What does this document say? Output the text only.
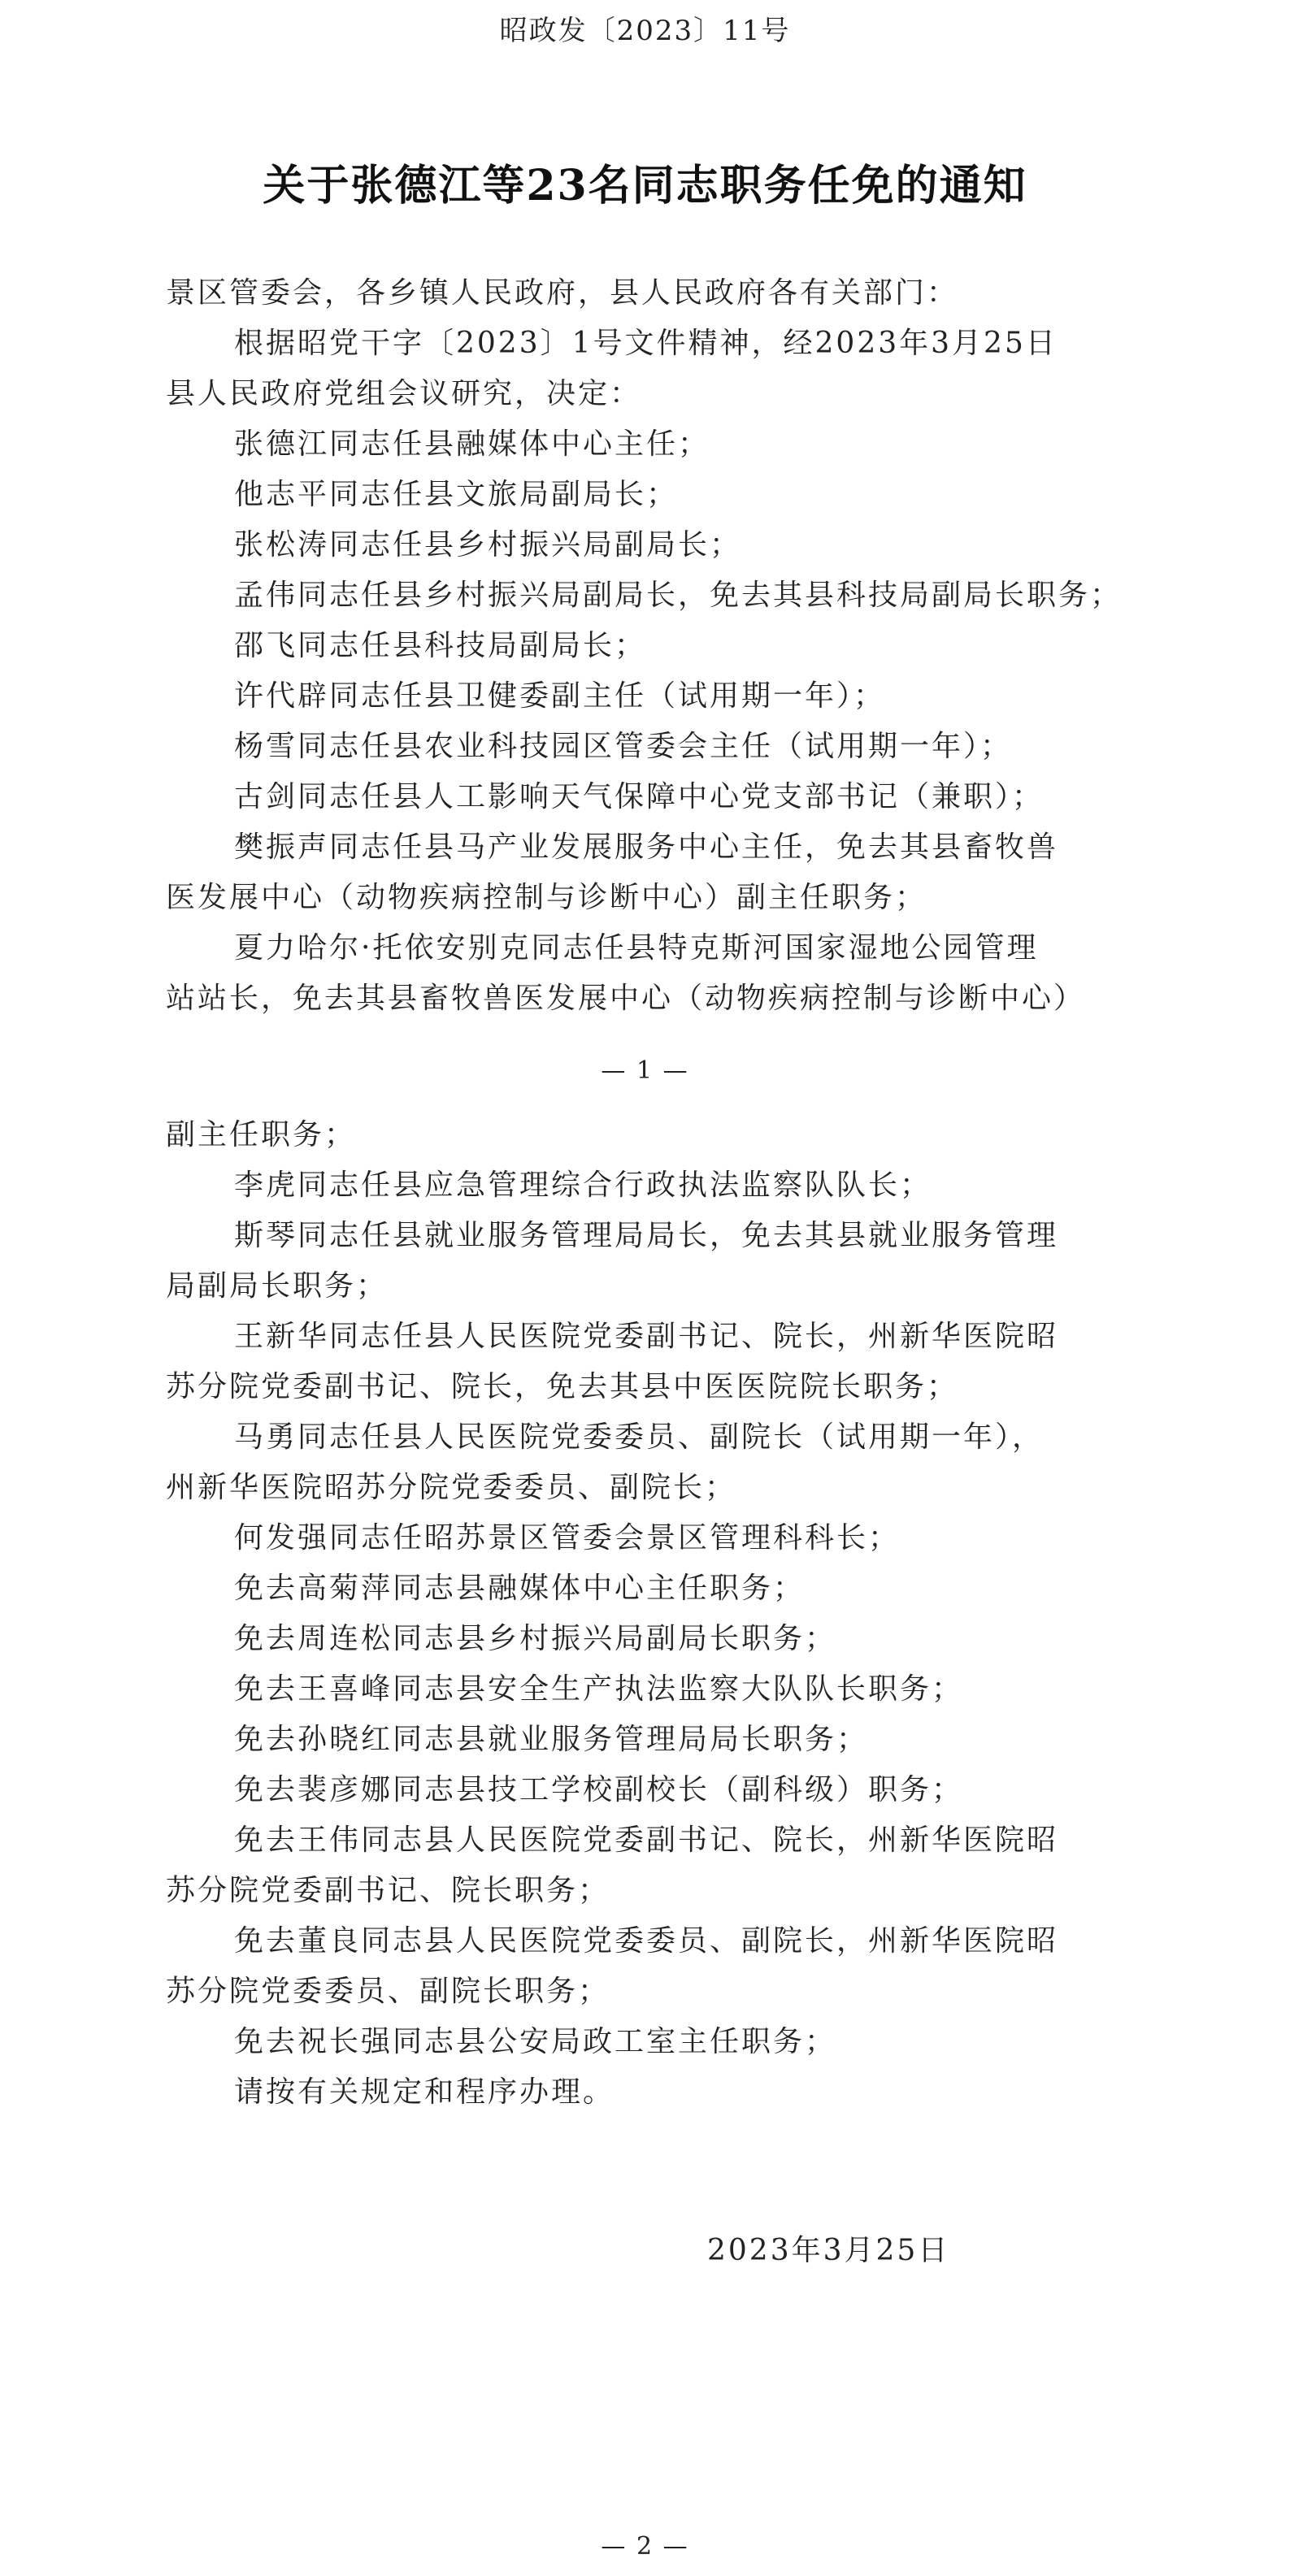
昭政发〔2023〕11号
关于张德江等23名同志职务任免的通知

景区管委会，各乡镇人民政府，县人民政府各有关部门：

根据昭党干字〔2023〕1号文件精神，经2023年3月25日

县人民政府党组会议研究，决定：

张德江同志任县融媒体中心主任；

他志平同志任县文旅局副局长；

张松涛同志任县乡村振兴局副局长；

孟伟同志任县乡村振兴局副局长，免去其县科技局副局长职务；

邵飞同志任县科技局副局长；

许代辟同志任县卫健委副主任（试用期一年）；

杨雪同志任县农业科技园区管委会主任（试用期一年）；

古剑同志任县人工影响天气保障中心党支部书记（兼职）；

樊振声同志任县马产业发展服务中心主任，免去其县畜牧兽

医发展中心（动物疾病控制与诊断中心）副主任职务；

夏力哈尔·托依安别克同志任县特克斯河国家湿地公园管理

站站长，免去其县畜牧兽医发展中心（动物疾病控制与诊断中心）

— 1 —

副主任职务；

李虎同志任县应急管理综合行政执法监察队队长；

斯琴同志任县就业服务管理局局长，免去其县就业服务管理

局副局长职务；

王新华同志任县人民医院党委副书记、院长，州新华医院昭

苏分院党委副书记、院长，免去其县中医医院院长职务；

马勇同志任县人民医院党委委员、副院长（试用期一年），

州新华医院昭苏分院党委委员、副院长；

何发强同志任昭苏景区管委会景区管理科科长；

免去高菊萍同志县融媒体中心主任职务；

免去周连松同志县乡村振兴局副局长职务；

免去王喜峰同志县安全生产执法监察大队队长职务；

免去孙晓红同志县就业服务管理局局长职务；

免去裴彦娜同志县技工学校副校长（副科级）职务；

免去王伟同志县人民医院党委副书记、院长，州新华医院昭

苏分院党委副书记、院长职务；

免去董良同志县人民医院党委委员、副院长，州新华医院昭

苏分院党委委员、副院长职务；

免去祝长强同志县公安局政工室主任职务；

请按有关规定和程序办理。

2023年3月25日
— 2 —
